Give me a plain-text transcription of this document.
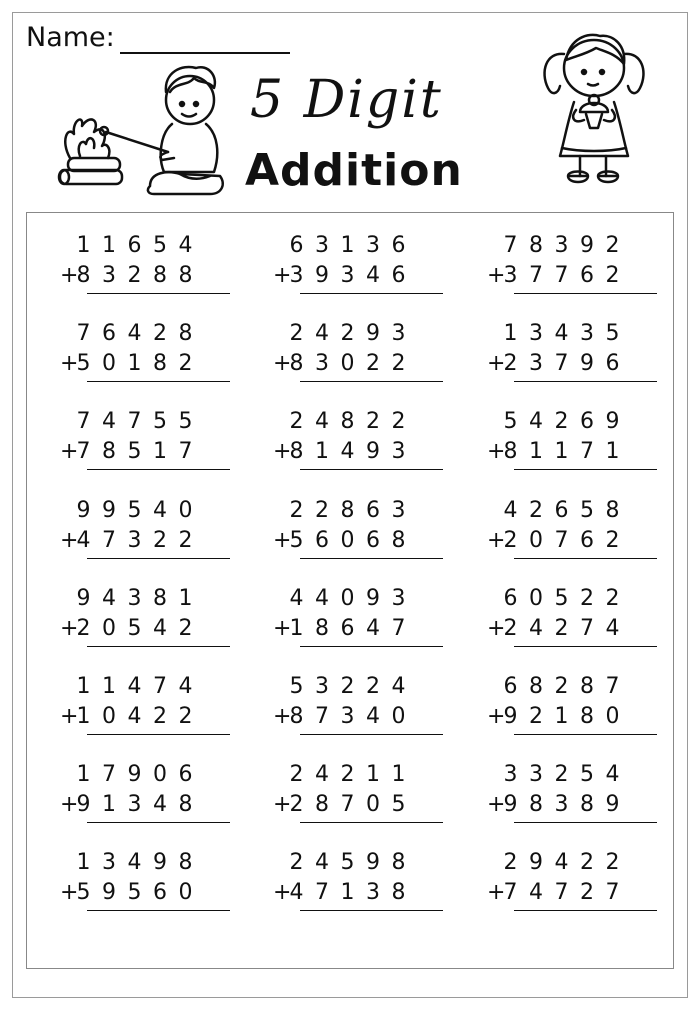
Name:
5 Digit
Addition
11654
+
83288
63136
+
39346
78392
+
37762
76428
+
50182
24293
+
83022
13435
+
23796
74755
+
78517
24822
+
81493
54269
+
81171
99540
+
47322
22863
+
56068
42658
+
20762
94381
+
20542
44093
+
18647
60522
+
24274
11474
+
10422
53224
+
87340
68287
+
92180
17906
+
91348
24211
+
28705
33254
+
98389
13498
+
59560
24598
+
47138
29422
+
74727
